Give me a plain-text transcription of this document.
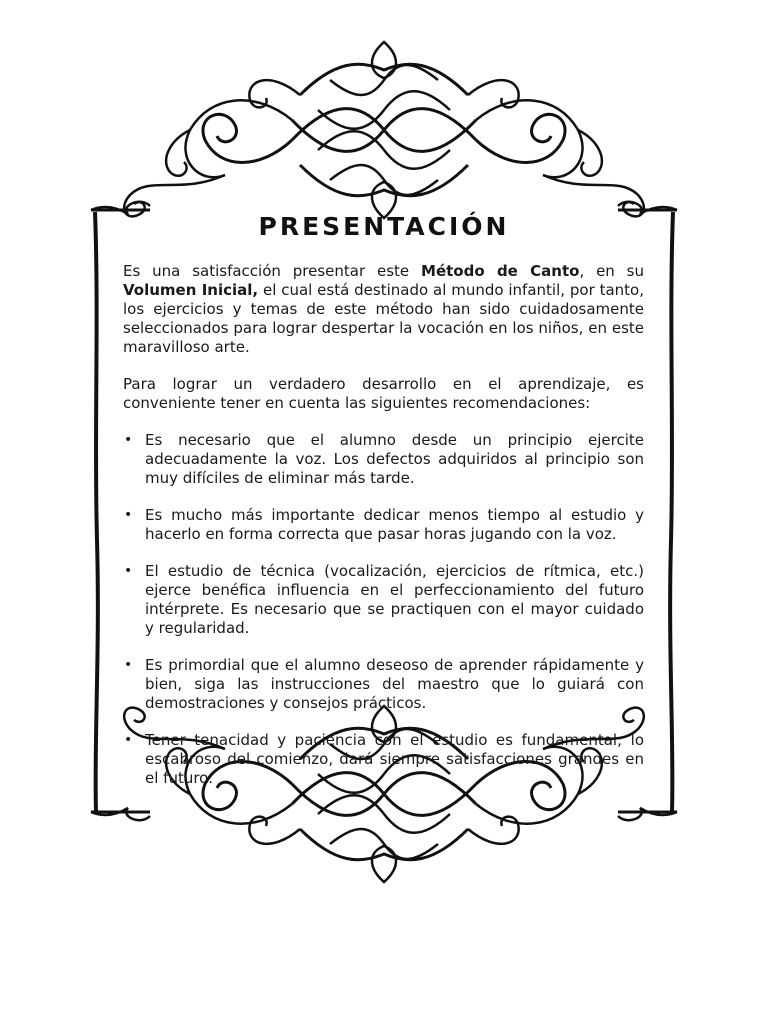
PRESENTACIÓN

Es una satisfacción presentar este Método de Canto, en su Volumen Inicial, el cual está destinado al mundo infantil, por tanto, los ejercicios y temas de este método han sido cuidadosamente seleccionados para lograr despertar la vocación en los niños, en este maravilloso arte.

Para lograr un verdadero desarrollo en el aprendizaje, es conveniente tener en cuenta las siguientes recomendaciones:

• Es necesario que el alumno desde un principio ejercite adecuadamente la voz. Los defectos adquiridos al principio son muy difíciles de eliminar más tarde.
• Es mucho más importante dedicar menos tiempo al estudio y hacerlo en forma correcta que pasar horas jugando con la voz.
• El estudio de técnica (vocalización, ejercicios de rítmica, etc.) ejerce benéfica influencia en el perfeccionamiento del futuro intérprete. Es necesario que se practiquen con el mayor cuidado y regularidad.
• Es primordial que el alumno deseoso de aprender rápidamente y bien, siga las instrucciones del maestro que lo guiará con demostraciones y consejos prácticos.
• Tener tenacidad y paciencia con el estudio es fundamental; lo escabroso del comienzo, dará siempre satisfacciones grandes en el futuro.
